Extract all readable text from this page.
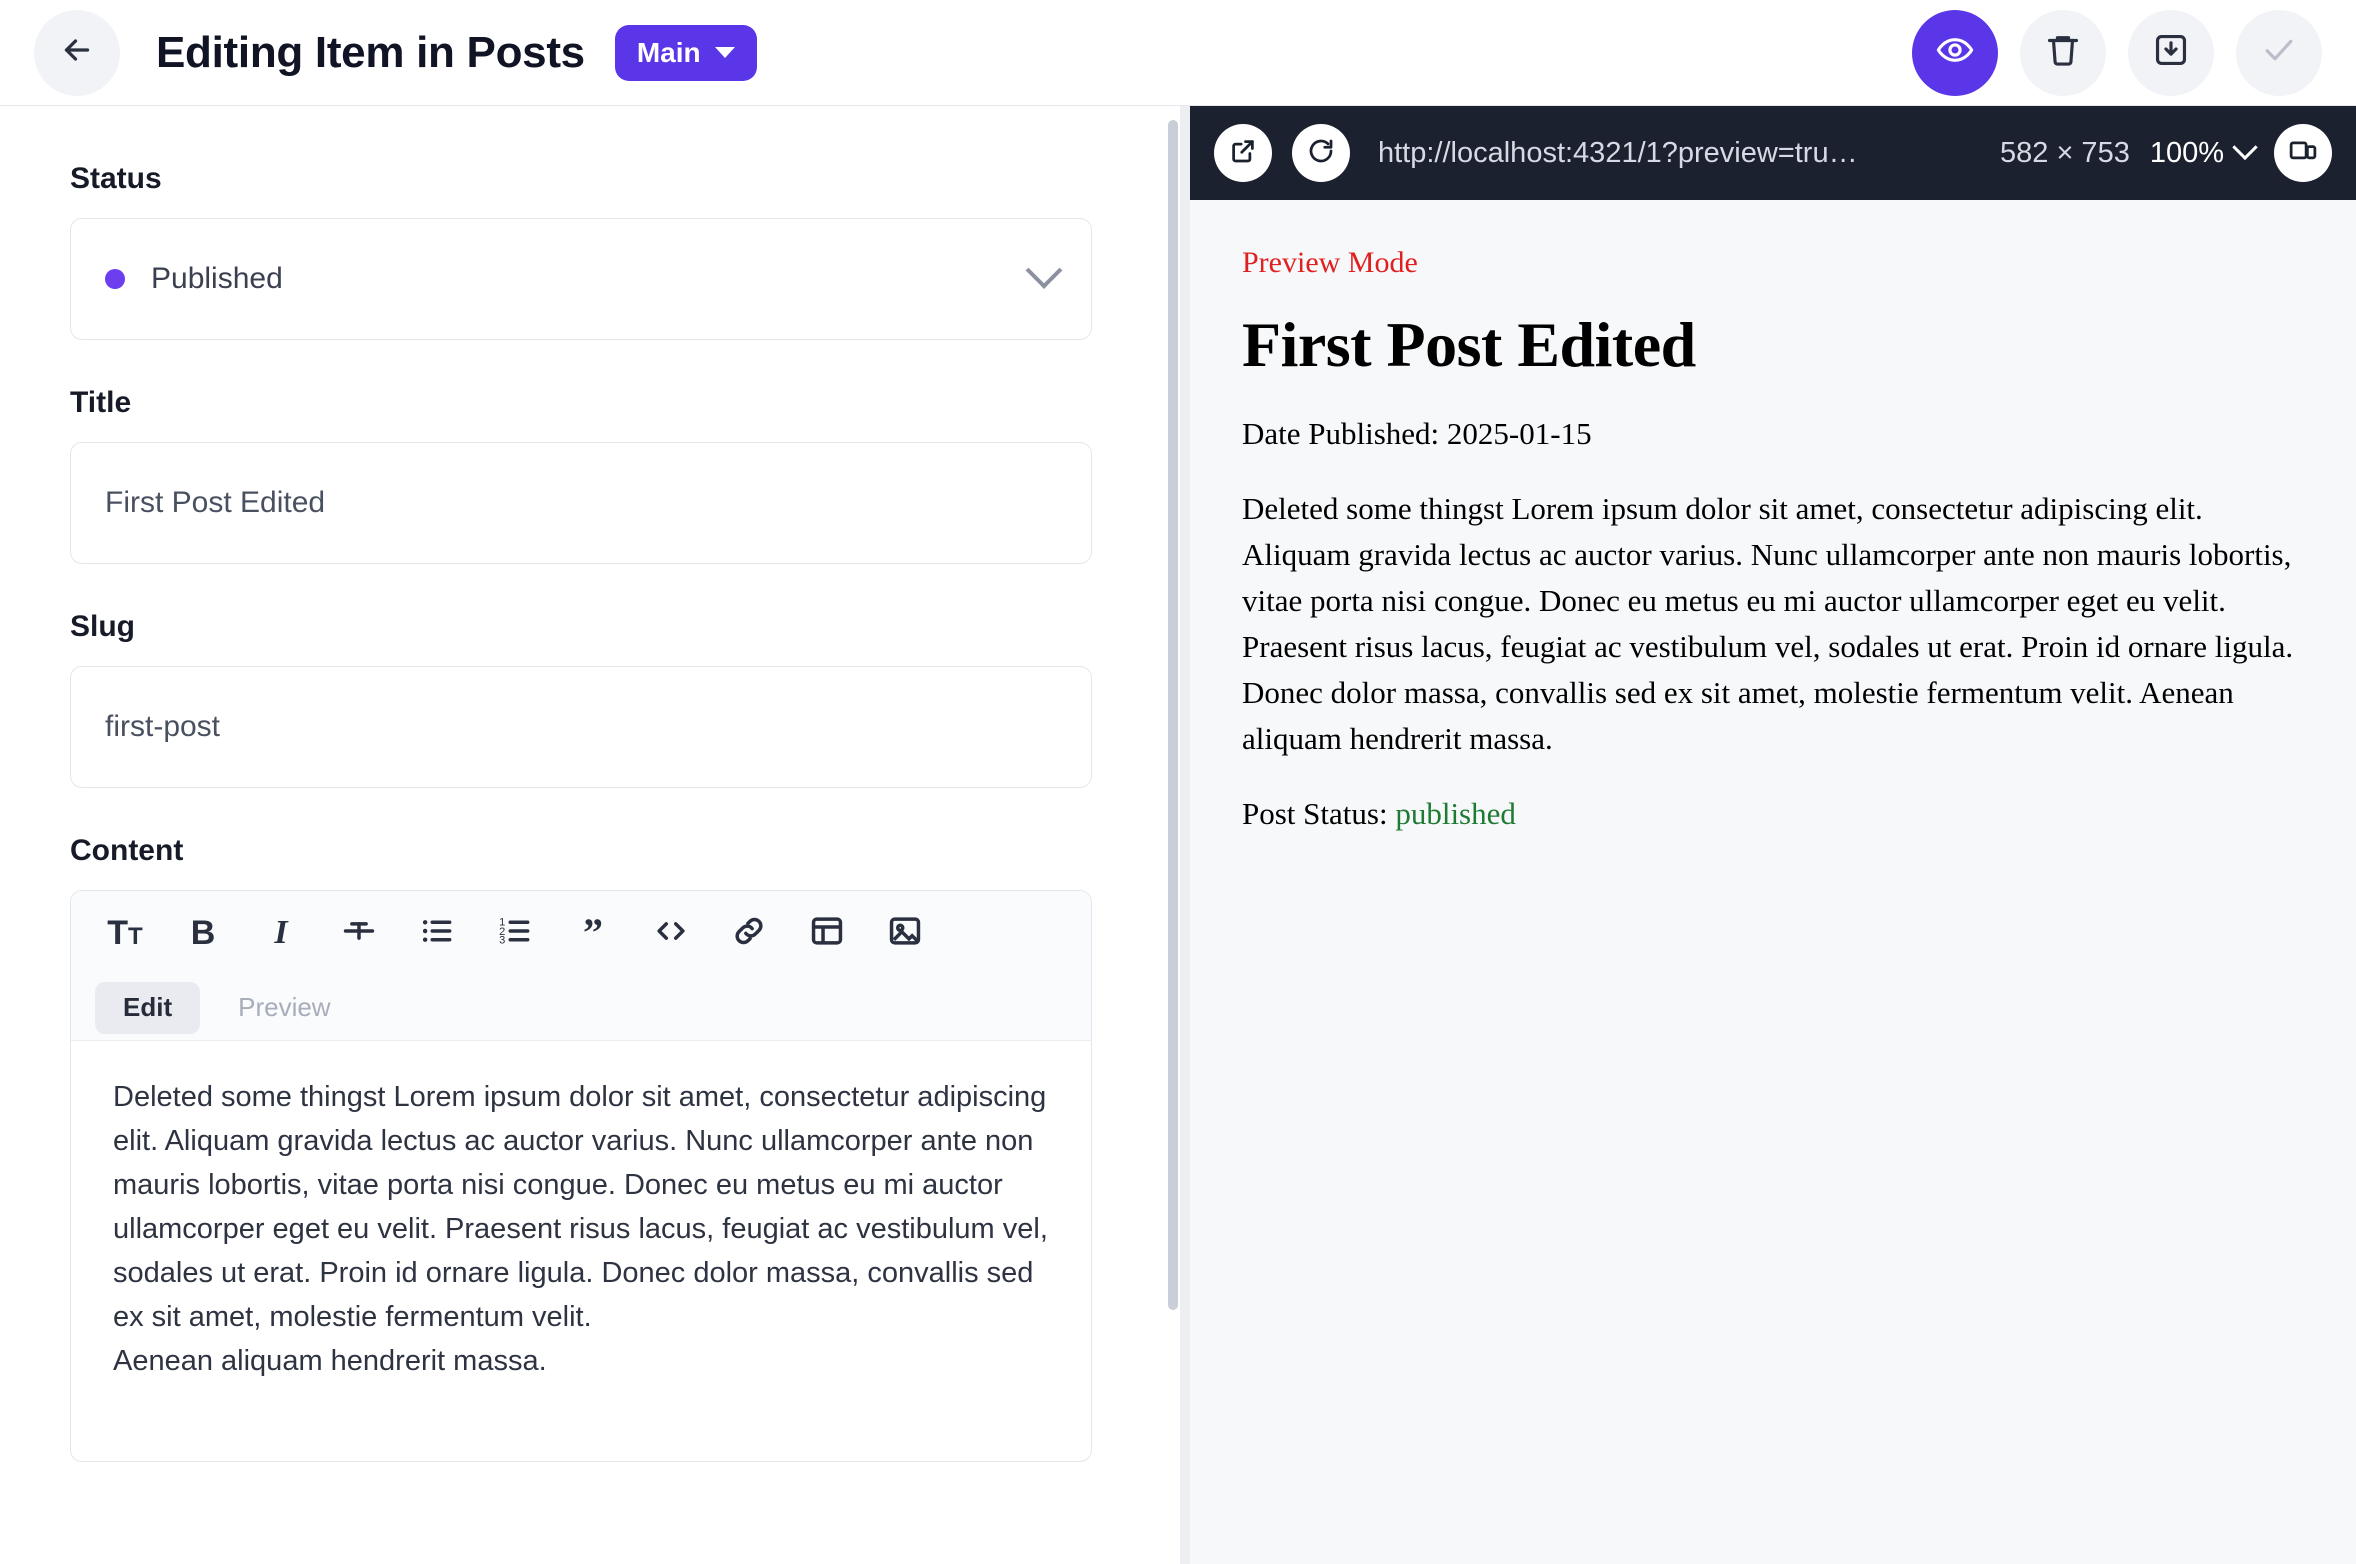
Editing Item in Posts Main
Status
Published
Title
First Post Edited
Slug
first-post
Content
TT B I	1
2
3 ”
Edit	Preview

Deleted some thingst Lorem ipsum dolor sit amet, consectetur adipiscing elit. Aliquam gravida lectus ac auctor varius. Nunc ullamcorper ante non mauris lobortis, vitae porta nisi congue. Donec eu metus eu mi auctor ullamcorper eget eu velit. Praesent risus lacus, feugiat ac vestibulum vel, sodales ut erat. Proin id ornare ligula. Donec dolor massa, convallis sed ex sit amet, molestie fermentum velit.

Aenean aliquam hendrerit massa.

http://localhost:4321/1?preview=tru…	582 × 753 100%

Preview Mode

First Post Edited

Date Published: 2025-01-15

Deleted some thingst Lorem ipsum dolor sit amet, consectetur adipiscing elit. Aliquam gravida lectus ac auctor varius. Nunc ullamcorper ante non mauris lobortis, vitae porta nisi congue. Donec eu metus eu mi auctor ullamcorper eget eu velit. Praesent risus lacus, feugiat ac vestibulum vel, sodales ut erat. Proin id ornare ligula. Donec dolor massa, convallis sed ex sit amet, molestie fermentum velit. Aenean aliquam hendrerit massa.

Post Status: published
